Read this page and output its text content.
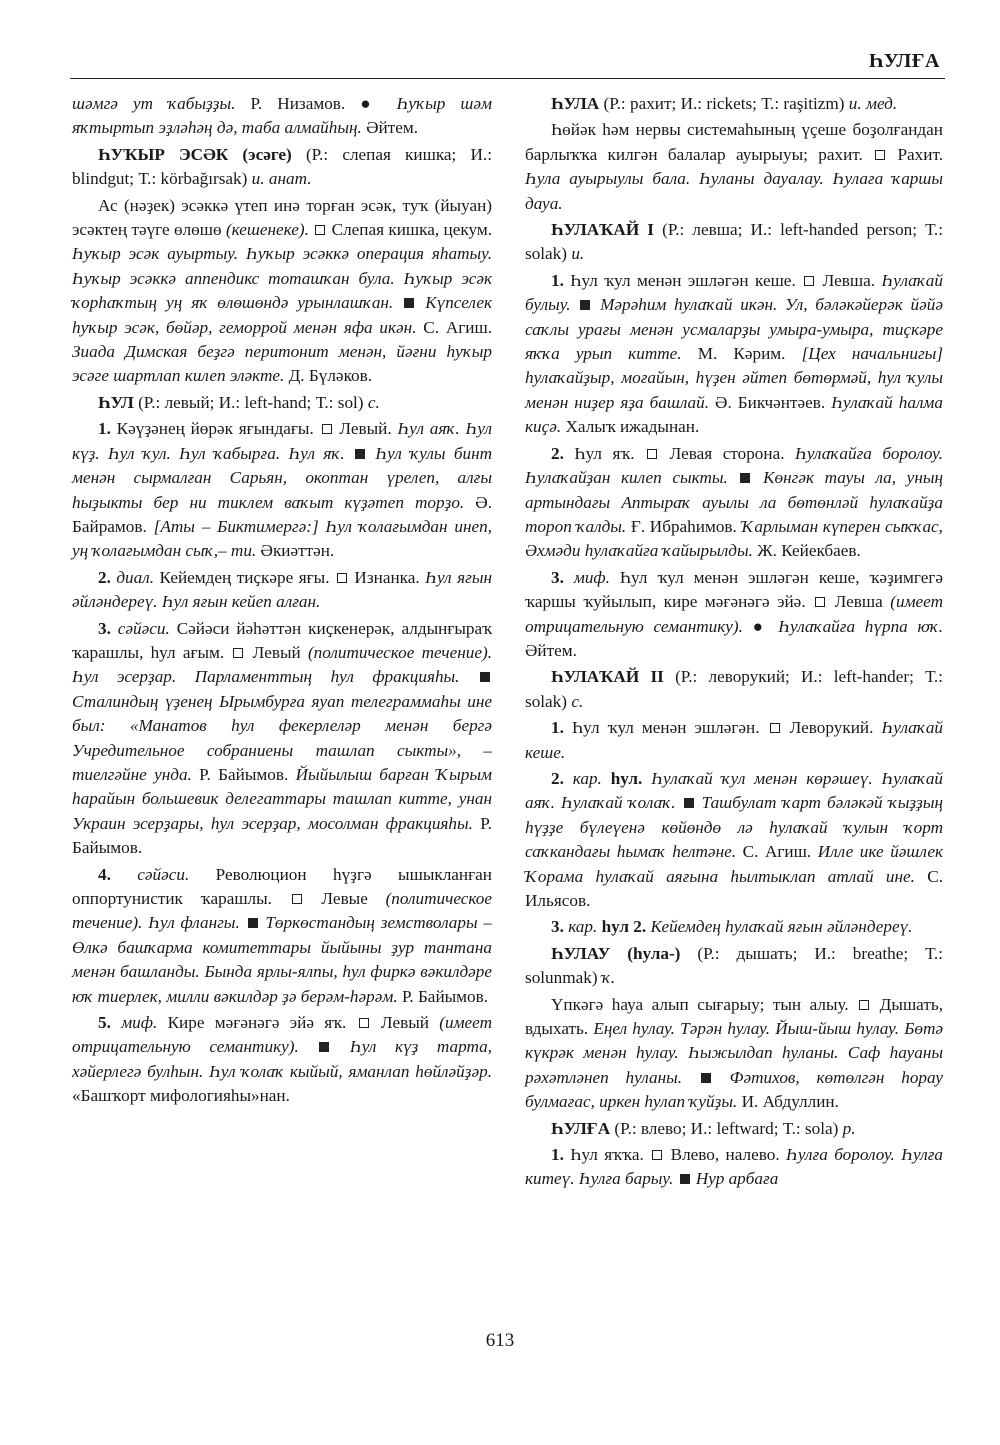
ҺУЛҒА

шәмгә ут ҡабыҙҙы. Р. Низамов. ● Һуҡыр шәм яҡтыртып эҙләһәң дә, таба алмайһың. Әйтем.

ҺУҠЫР ЭСӘК (эсәге) (Р.: слепая кишка; И.: blindgut; Т.: körbağırsak) и. анат.

Ас (нәҙек) эсәккә үтеп инә торған эсәк, туҡ (йыуан) эсәктең тәүге өлөшө (кешенеке).  Слепая кишка, цекум. Һуҡыр эсәк ауыртыу. Һуҡыр эсәккә операция яһатыу. Һуҡыр эсәккә аппендикс тоташҡан була. Һуҡыр эсәк ҡорһаҡтың уң яҡ өлөшөндә урынлашҡан. Күпселек һуҡыр эсәк, бөйәр, геморрой менән яфа икән. С. Агиш. Зиада Димская беҙгә перитонит менән, йәғни һуҡыр эсәге шартлап килеп эләкте. Д. Бүләков.

ҺУЛ (Р.: левый; И.: left-hand; Т.: sol) с.

1. Кәүҙәнең йөрәк яғындағы.  Левый. Һул аяҡ. Һул күҙ. Һул ҡул. Һул ҡабырға. Һул яҡ. Һул ҡулы бинт менән сырмалған Сарьян, окоптан үрелеп, алғы һыҙыкты бер ни тиклем ваҡыт күҙәтеп торҙо. Ә. Байрамов. [Аты – Биктимергә:] Һул ҡолағымдан инеп, уң ҡолағымдан сыҡ,– ти. Әкиәттән.

2. диал. Кейемдең тиҫкәре яғы.  Изнанка. Һул яғын әйләндереү. Һул яғын кейеп алған.

3. сәйәси. Сәйәси йәһәттән киҫкенерәк, алдынғыраҡ ҡарашлы, һул ағым.  Левый (политическое течение). Һул эсерҙар. Парламенттың һул фракцияһы.  Сталиндың үҙенең Ырымбурға яуап телеграммаһы ине был: «Манатов һул фекерлеләр менән бергә Учредительное собраниены ташлап сыкты», – тиелгәйне унда. Р. Байымов. Йыйылыш барған Ҡырым һарайын большевик делегаттары ташлап китте, унан Украин эсерҙары, һул эсерҙар, мосолман фракцияһы. Р. Байымов.

4. сәйәси. Революцион һүҙгә ышыкланған оппортунистик ҡарашлы.  Левые (политическое течение). Һул флангы. Төркөстандың земстволары – Өлкә башҡарма комитеттары йыйыны ҙур тантана менән башланды. Бында ярлы-ялпы, һул фиркә вәкилдәре юҡ тиерлек, милли вәкилдәр ҙә берәм-һәрәм. Р. Байымов.

5. миф. Кире мәғәнәгә эйә яҡ.  Левый (имеет отрицательную семантику).	Һул күҙ тарта, хәйерлегә булһын. Һул ҡолаҡ кыйый, яманлап һөйләйҙәр. «Башҡорт мифологияһы»нан.

ҺУЛА (Р.: рахит; И.: rickets; Т.: raşitizm) и. мед.

Һөйәк һәм нервы системаһының үҫеше боҙолғандан барлыҡҡа килгән балалар ауырыуы; рахит.  Рахит. Һула ауырыулы бала. Һуланы дауалау. Һулаға ҡаршы дауа.

ҺУЛАҠАЙ I (Р.: левша; И.: left-handed person; Т.: solak) и.

1. Һул ҡул менән эшләгән кеше.  Левша. Һулаҡай булыу. Мәрәһим һулаҡай икән. Ул, бәләкәйерәк йәйә саҡлы урағы менән усмаларҙы умыра-умыра, тиҫкәре яҡҡа урып китте. М. Кәрим. [Цех начальнигы] һулаҡайҙыр, моғайын, һүҙен әйтеп бөтөрмәй, һул ҡулы менән ниҙер яҙа башлай. Ә. Бикчәнтәев. Һулаҡай һалма киҫә. Халыҡ ижадынан.

2. Һул яҡ.  Левая сторона. Һулаҡайға боролоу. Һулаҡайҙан килеп сыкты. Көнгәк тауы ла, уның артындағы Аптыраҡ ауылы ла бөтөнләй һулаҡайҙа тороп ҡалды. Ғ. Ибраһимов. Ҡарлыман күперен сыҡҡас, Әхмәди һулаҡайға ҡайырылды. Ж. Кейекбаев.

3. миф. Һул ҡул менән эшләгән кеше, ҡәҙимгегә ҡаршы ҡуйылып, кире мәғәнәгә эйә.  Левша (имеет отрицательную семантику). ● Һулаҡайға һүрпа юҡ. Әйтем.

ҺУЛАҠАЙ II (Р.: леворукий; И.: left-hander; Т.: solak) с.

1. Һул ҡул менән эшләгән.  Леворукий. Һулаҡай кеше.

2. кар. һул. Һулаҡай ҡул менән көрәшеү. Һулаҡай аяҡ. Һулаҡай ҡолаҡ. Ташбулат ҡарт бәләкәй ҡыҙҙың һүҙҙе бүлеүенә көйөндө лә һулаҡай ҡулын ҡорт саҡкандағы һымаҡ һелтәне. С. Агиш. Илле ике йәшлек Ҡорама һулаҡай аяғына һылтыклап атлай ине. С. Ильясов.

3. кар. һул 2. Кейемдең һулаҡай яғын әйләндереү.

ҺУЛАУ (һула-) (Р.: дышать; И.: breathe; Т.: solunmak) ҡ.

Үпкәгә һауа алып сығарыу; тын алыу.  Дышать, вдыхать. Еңел һулау. Тәрән һулау. Йыш-йыш һулау. Бөтә күкрәк менән һулау. Һыжылдап һуланы. Саф һауаны рәхәтләнеп һуланы.	Фәтихов, көтөлгән һорау булмағас, иркен һулап ҡуйҙы. И. Абдуллин.

ҺУЛҒА (Р.: влево; И.: leftward; Т.: sola) р.

1. Һул яҡҡа.  Влево, налево. Һулға боролоу. Һулға китеү. Һулға барыу. Нур арбаға

613
